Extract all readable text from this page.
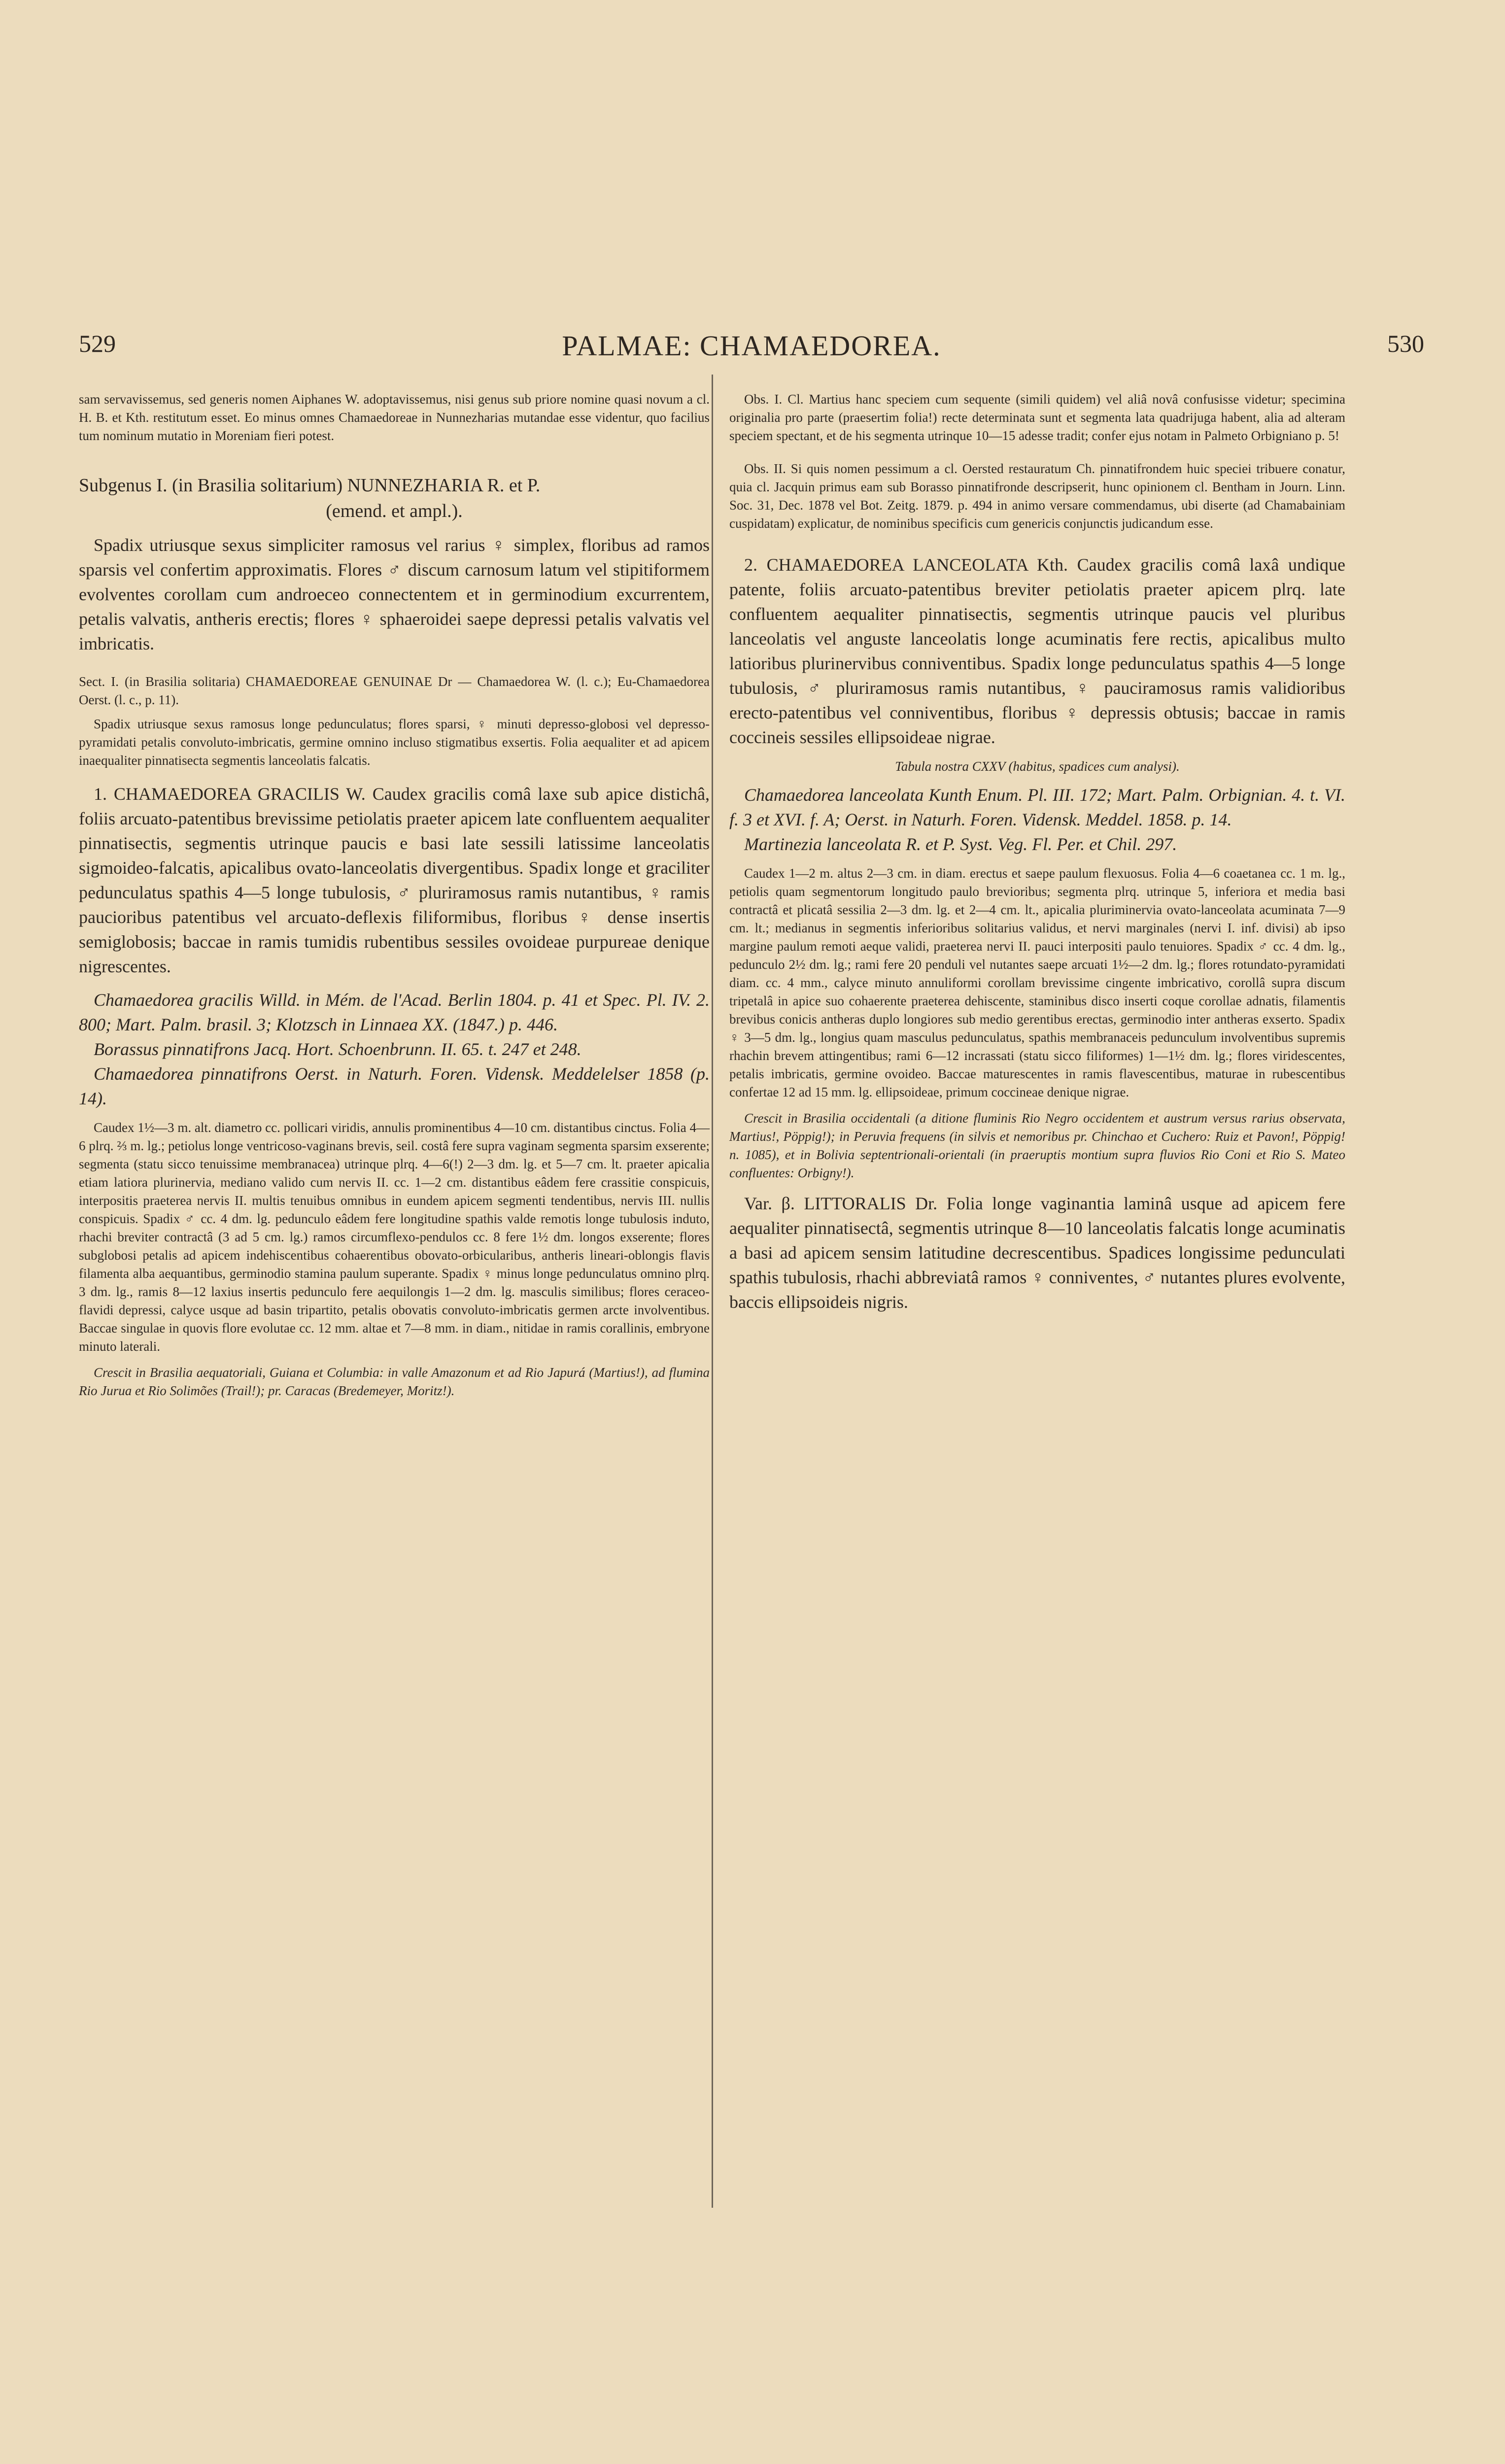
529	PALMAE: CHAMAEDOREA.	530

sam servavissemus, sed generis nomen Aiphanes W. adoptavissemus, nisi genus sub priore nomine quasi novum a cl. H. B. et Kth. restitutum esset. Eo minus omnes Chamaedoreae in Nunnezharias mutandae esse videntur, quo facilius tum nominum mutatio in Moreniam fieri potest.

Subgenus I. (in Brasilia solitarium) NUNNEZHARIA R. et P.

(emend. et ampl.).

Spadix utriusque sexus simpliciter ramosus vel rarius ♀ simplex, floribus ad ramos sparsis vel confertim approximatis. Flores ♂ discum carnosum latum vel stipitiformem evolventes corollam cum androeceo connectentem et in germinodium excurrentem, petalis valvatis, antheris erectis; flores ♀ sphaeroidei saepe depressi petalis valvatis vel imbricatis.

Sect. I. (in Brasilia solitaria) CHAMAEDOREAE GENUINAE Dr — Chamaedorea W. (l. c.); Eu-Chamaedorea Oerst. (l. c., p. 11).

Spadix utriusque sexus ramosus longe pedunculatus; flores sparsi, ♀ minuti depresso-globosi vel depresso-pyramidati petalis convoluto-imbricatis, germine omnino incluso stigmatibus exsertis. Folia aequaliter et ad apicem inaequaliter pinnatisecta segmentis lanceolatis falcatis.

1. CHAMAEDOREA GRACILIS W. Caudex gracilis comâ laxe sub apice distichâ, foliis arcuato-patentibus brevissime petiolatis praeter apicem late confluentem aequaliter pinnatisectis, segmentis utrinque paucis e basi late sessili latissime lanceolatis sigmoideo-falcatis, apicalibus ovato-lanceolatis divergentibus. Spadix longe et graciliter pedunculatus spathis 4—5 longe tubulosis, ♂ pluriramosus ramis nutantibus, ♀ ramis paucioribus patentibus vel arcuato-deflexis filiformibus, floribus ♀ dense insertis semiglobosis; baccae in ramis tumidis rubentibus sessiles ovoideae purpureae denique nigrescentes.

Chamaedorea gracilis Willd. in Mém. de l'Acad. Berlin 1804. p. 41 et Spec. Pl. IV. 2. 800; Mart. Palm. brasil. 3; Klotzsch in Linnaea XX. (1847.) p. 446.

Borassus pinnatifrons Jacq. Hort. Schoenbrunn. II. 65. t. 247 et 248.

Chamaedorea pinnatifrons Oerst. in Naturh. Foren. Vidensk. Meddelelser 1858 (p. 14).

Caudex 1½—3 m. alt. diametro cc. pollicari viridis, annulis prominentibus 4—10 cm. distantibus cinctus. Folia 4—6 plrq. ⅔ m. lg.; petiolus longe ventricoso-vaginans brevis, seil. costâ fere supra vaginam segmenta sparsim exserente; segmenta (statu sicco tenuissime membranacea) utrinque plrq. 4—6(!) 2—3 dm. lg. et 5—7 cm. lt. praeter apicalia etiam latiora plurinervia, mediano valido cum nervis II. cc. 1—2 cm. distantibus eâdem fere crassitie conspicuis, interpositis praeterea nervis II. multis tenuibus omnibus in eundem apicem segmenti tendentibus, nervis III. nullis conspicuis. Spadix ♂ cc. 4 dm. lg. pedunculo eâdem fere longitudine spathis valde remotis longe tubulosis induto, rhachi breviter contractâ (3 ad 5 cm. lg.) ramos circumflexo-pendulos cc. 8 fere 1½ dm. longos exserente; flores subglobosi petalis ad apicem indehiscentibus cohaerentibus obovato-orbicularibus, antheris lineari-oblongis flavis filamenta alba aequantibus, germinodio stamina paulum superante. Spadix ♀ minus longe pedunculatus omnino plrq. 3 dm. lg., ramis 8—12 laxius insertis pedunculo fere aequilongis 1—2 dm. lg. masculis similibus; flores ceraceo-flavidi depressi, calyce usque ad basin tripartito, petalis obovatis convoluto-imbricatis germen arcte involventibus. Baccae singulae in quovis flore evolutae cc. 12 mm. altae et 7—8 mm. in diam., nitidae in ramis corallinis, embryone minuto laterali.

Crescit in Brasilia aequatoriali, Guiana et Columbia: in valle Amazonum et ad Rio Japurá (Martius!), ad flumina Rio Jurua et Rio Solimões (Trail!); pr. Caracas (Bredemeyer, Moritz!).

Obs. I. Cl. Martius hanc speciem cum sequente (simili quidem) vel aliâ novâ confusisse videtur; specimina originalia pro parte (praesertim folia!) recte determinata sunt et segmenta lata quadrijuga habent, alia ad alteram speciem spectant, et de his segmenta utrinque 10—15 adesse tradit; confer ejus notam in Palmeto Orbigniano p. 5!

Obs. II. Si quis nomen pessimum a cl. Oersted restauratum Ch. pinnatifrondem huic speciei tribuere conatur, quia cl. Jacquin primus eam sub Borasso pinnatifronde descripserit, hunc opinionem cl. Bentham in Journ. Linn. Soc. 31, Dec. 1878 vel Bot. Zeitg. 1879. p. 494 in animo versare commendamus, ubi diserte (ad Chamabainiam cuspidatam) explicatur, de nominibus specificis cum genericis conjunctis judicandum esse.

2. CHAMAEDOREA LANCEOLATA Kth. Caudex gracilis comâ laxâ undique patente, foliis arcuato-patentibus breviter petiolatis praeter apicem plrq. late confluentem aequaliter pinnatisectis, segmentis utrinque paucis vel pluribus lanceolatis vel anguste lanceolatis longe acuminatis fere rectis, apicalibus multo latioribus plurinervibus conniventibus. Spadix longe pedunculatus spathis 4—5 longe tubulosis, ♂ pluriramosus ramis nutantibus, ♀ pauciramosus ramis validioribus erecto-patentibus vel conniventibus, floribus ♀ depressis obtusis; baccae in ramis coccineis sessiles ellipsoideae nigrae.

Tabula nostra CXXV (habitus, spadices cum analysi).

Chamaedorea lanceolata Kunth Enum. Pl. III. 172; Mart. Palm. Orbignian. 4. t. VI. f. 3 et XVI. f. A; Oerst. in Naturh. Foren. Vidensk. Meddel. 1858. p. 14.

Martinezia lanceolata R. et P. Syst. Veg. Fl. Per. et Chil. 297.

Caudex 1—2 m. altus 2—3 cm. in diam. erectus et saepe paulum flexuosus. Folia 4—6 coaetanea cc. 1 m. lg., petiolis quam segmentorum longitudo paulo brevioribus; segmenta plrq. utrinque 5, inferiora et media basi contractâ et plicatâ sessilia 2—3 dm. lg. et 2—4 cm. lt., apicalia pluriminervia ovato-lanceolata acuminata 7—9 cm. lt.; medianus in segmentis inferioribus solitarius validus, et nervi marginales (nervi I. inf. divisi) ab ipso margine paulum remoti aeque validi, praeterea nervi II. pauci interpositi paulo tenuiores. Spadix ♂ cc. 4 dm. lg., pedunculo 2½ dm. lg.; rami fere 20 penduli vel nutantes saepe arcuati 1½—2 dm. lg.; flores rotundato-pyramidati diam. cc. 4 mm., calyce minuto annuliformi corollam brevissime cingente imbricativo, corollâ supra discum tripetalâ in apice suo cohaerente praeterea dehiscente, staminibus disco inserti coque corollae adnatis, filamentis brevibus conicis antheras duplo longiores sub medio gerentibus erectas, germinodio inter antheras exserto. Spadix ♀ 3—5 dm. lg., longius quam masculus pedunculatus, spathis membranaceis pedunculum involventibus supremis rhachin brevem attingentibus; rami 6—12 incrassati (statu sicco filiformes) 1—1½ dm. lg.; flores viridescentes, petalis imbricatis, germine ovoideo. Baccae maturescentes in ramis flavescentibus, maturae in rubescentibus confertae 12 ad 15 mm. lg. ellipsoideae, primum coccineae denique nigrae.

Crescit in Brasilia occidentali (a ditione fluminis Rio Negro occidentem et austrum versus rarius observata, Martius!, Pöppig!); in Peruvia frequens (in silvis et nemoribus pr. Chinchao et Cuchero: Ruiz et Pavon!, Pöppig! n. 1085), et in Bolivia septentrionali-orientali (in praeruptis montium supra fluvios Rio Coni et Rio S. Mateo confluentes: Orbigny!).

Var. β. LITTORALIS Dr. Folia longe vaginantia laminâ usque ad apicem fere aequaliter pinnatisectâ, segmentis utrinque 8—10 lanceolatis falcatis longe acuminatis a basi ad apicem sensim latitudine decrescentibus. Spadices longissime pedunculati spathis tubulosis, rhachi abbreviatâ ramos ♀ conniventes, ♂ nutantes plures evolvente, baccis ellipsoideis nigris.
